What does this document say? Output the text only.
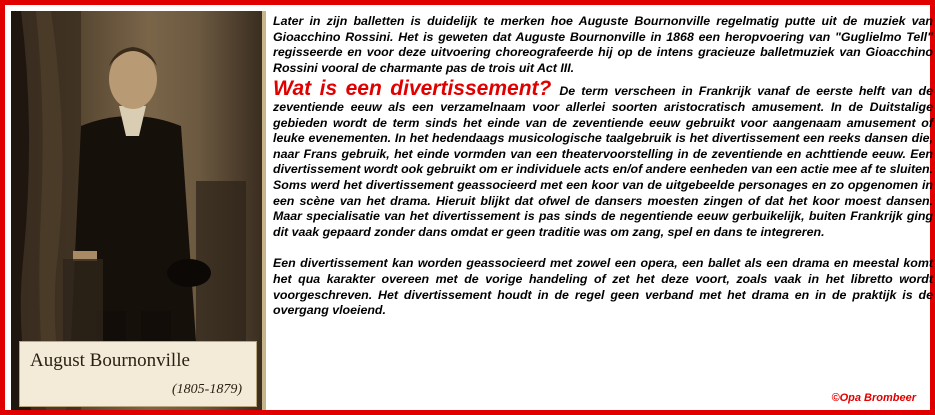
August Bournonville
(1805-1879)

Later in zijn balletten is duidelijk te merken hoe Auguste Bournonville regelmatig putte uit de muziek van Gioacchino Rossini. Het is geweten dat Auguste Bournonville in 1868 een heropvoering van "Guglielmo Tell" regisseerde en voor deze uitvoering choreografeerde hij op de intens gracieuze balletmuziek van Gioacchino Rossini vooral de charmante pas de trois uit Act III.

Wat is een divertissement? De term verscheen in Frankrijk vanaf de eerste helft van de zeventiende eeuw als een verzamelnaam voor allerlei soorten aristocratisch amusement. In de Duitstalige gebieden wordt de term sinds het einde van de zeventiende eeuw gebruikt voor aangenaam amusement of leuke evenementen. In het hedendaags musicologische taalgebruik is het divertissement een reeks dansen die, naar Frans gebruik, het einde vormden van een theatervoorstelling in de zeventiende en achttiende eeuw. Een divertissement wordt ook gebruikt om er individuele acts en/of andere eenheden van een actie mee af te sluiten. Soms werd het divertissement geassocieerd met een koor van de uitgebeelde personages en zo opgenomen in een scène van het drama. Hieruit blijkt dat ofwel de dansers moesten zingen of dat het koor moest dansen. Maar specialisatie van het divertissement is pas sinds de negentiende eeuw gerbuikelijk, buiten Frankrijk ging dit vaak gepaard zonder dans omdat er geen traditie was om zang, spel en dans te integreren.

Een divertissement kan worden geassocieerd met zowel een opera, een ballet als een drama en meestal komt het qua karakter overeen met de vorige handeling of zet het deze voort, zoals vaak in het libretto wordt voorgeschreven. Het divertissement houdt in de regel geen verband met het drama en in de praktijk is de overgang vloeiend.

©Opa Brombeer
